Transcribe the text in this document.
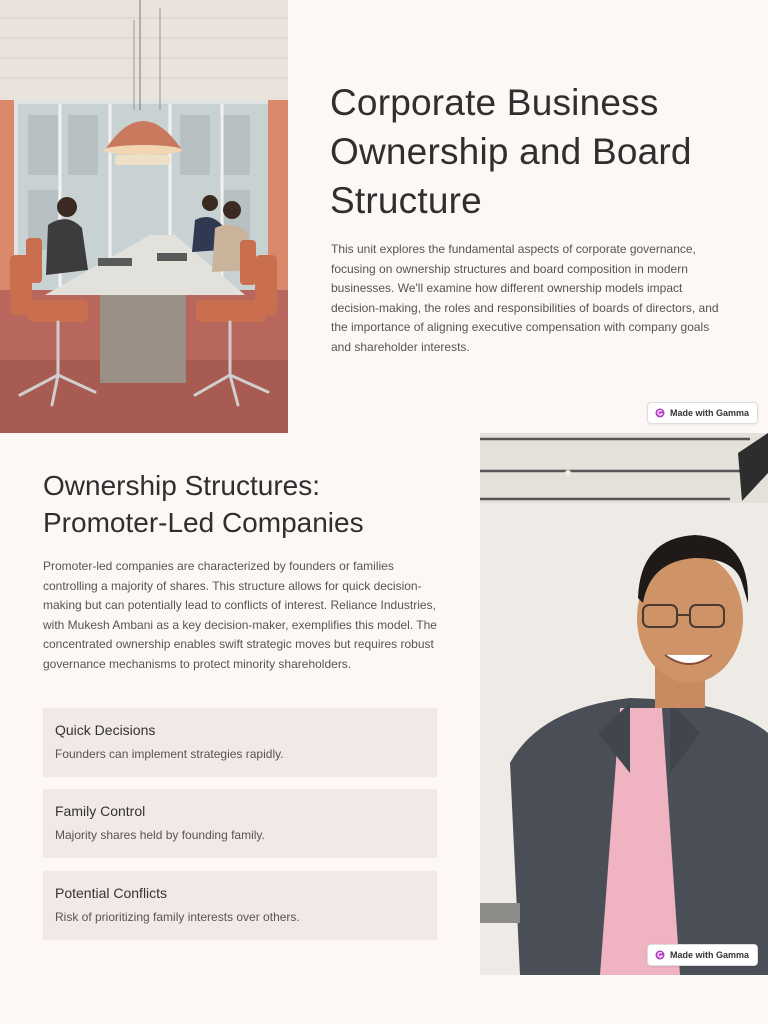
Corporate Business Ownership and Board Structure

This unit explores the fundamental aspects of corporate governance, focusing on ownership structures and board composition in modern businesses. We'll examine how different ownership models impact decision-making, the roles and responsibilities of boards of directors, and the importance of aligning executive compensation with company goals and shareholder interests.

Made with Gamma
Ownership Structures: Promoter-Led Companies

Promoter-led companies are characterized by founders or families controlling a majority of shares. This structure allows for quick decision-making but can potentially lead to conflicts of interest. Reliance Industries, with Mukesh Ambani as a key decision-maker, exemplifies this model. The concentrated ownership enables swift strategic moves but requires robust governance mechanisms to protect minority shareholders.

Quick Decisions
Founders can implement strategies rapidly.
Family Control
Majority shares held by founding family.
Potential Conflicts
Risk of prioritizing family interests over others.
Made with Gamma
